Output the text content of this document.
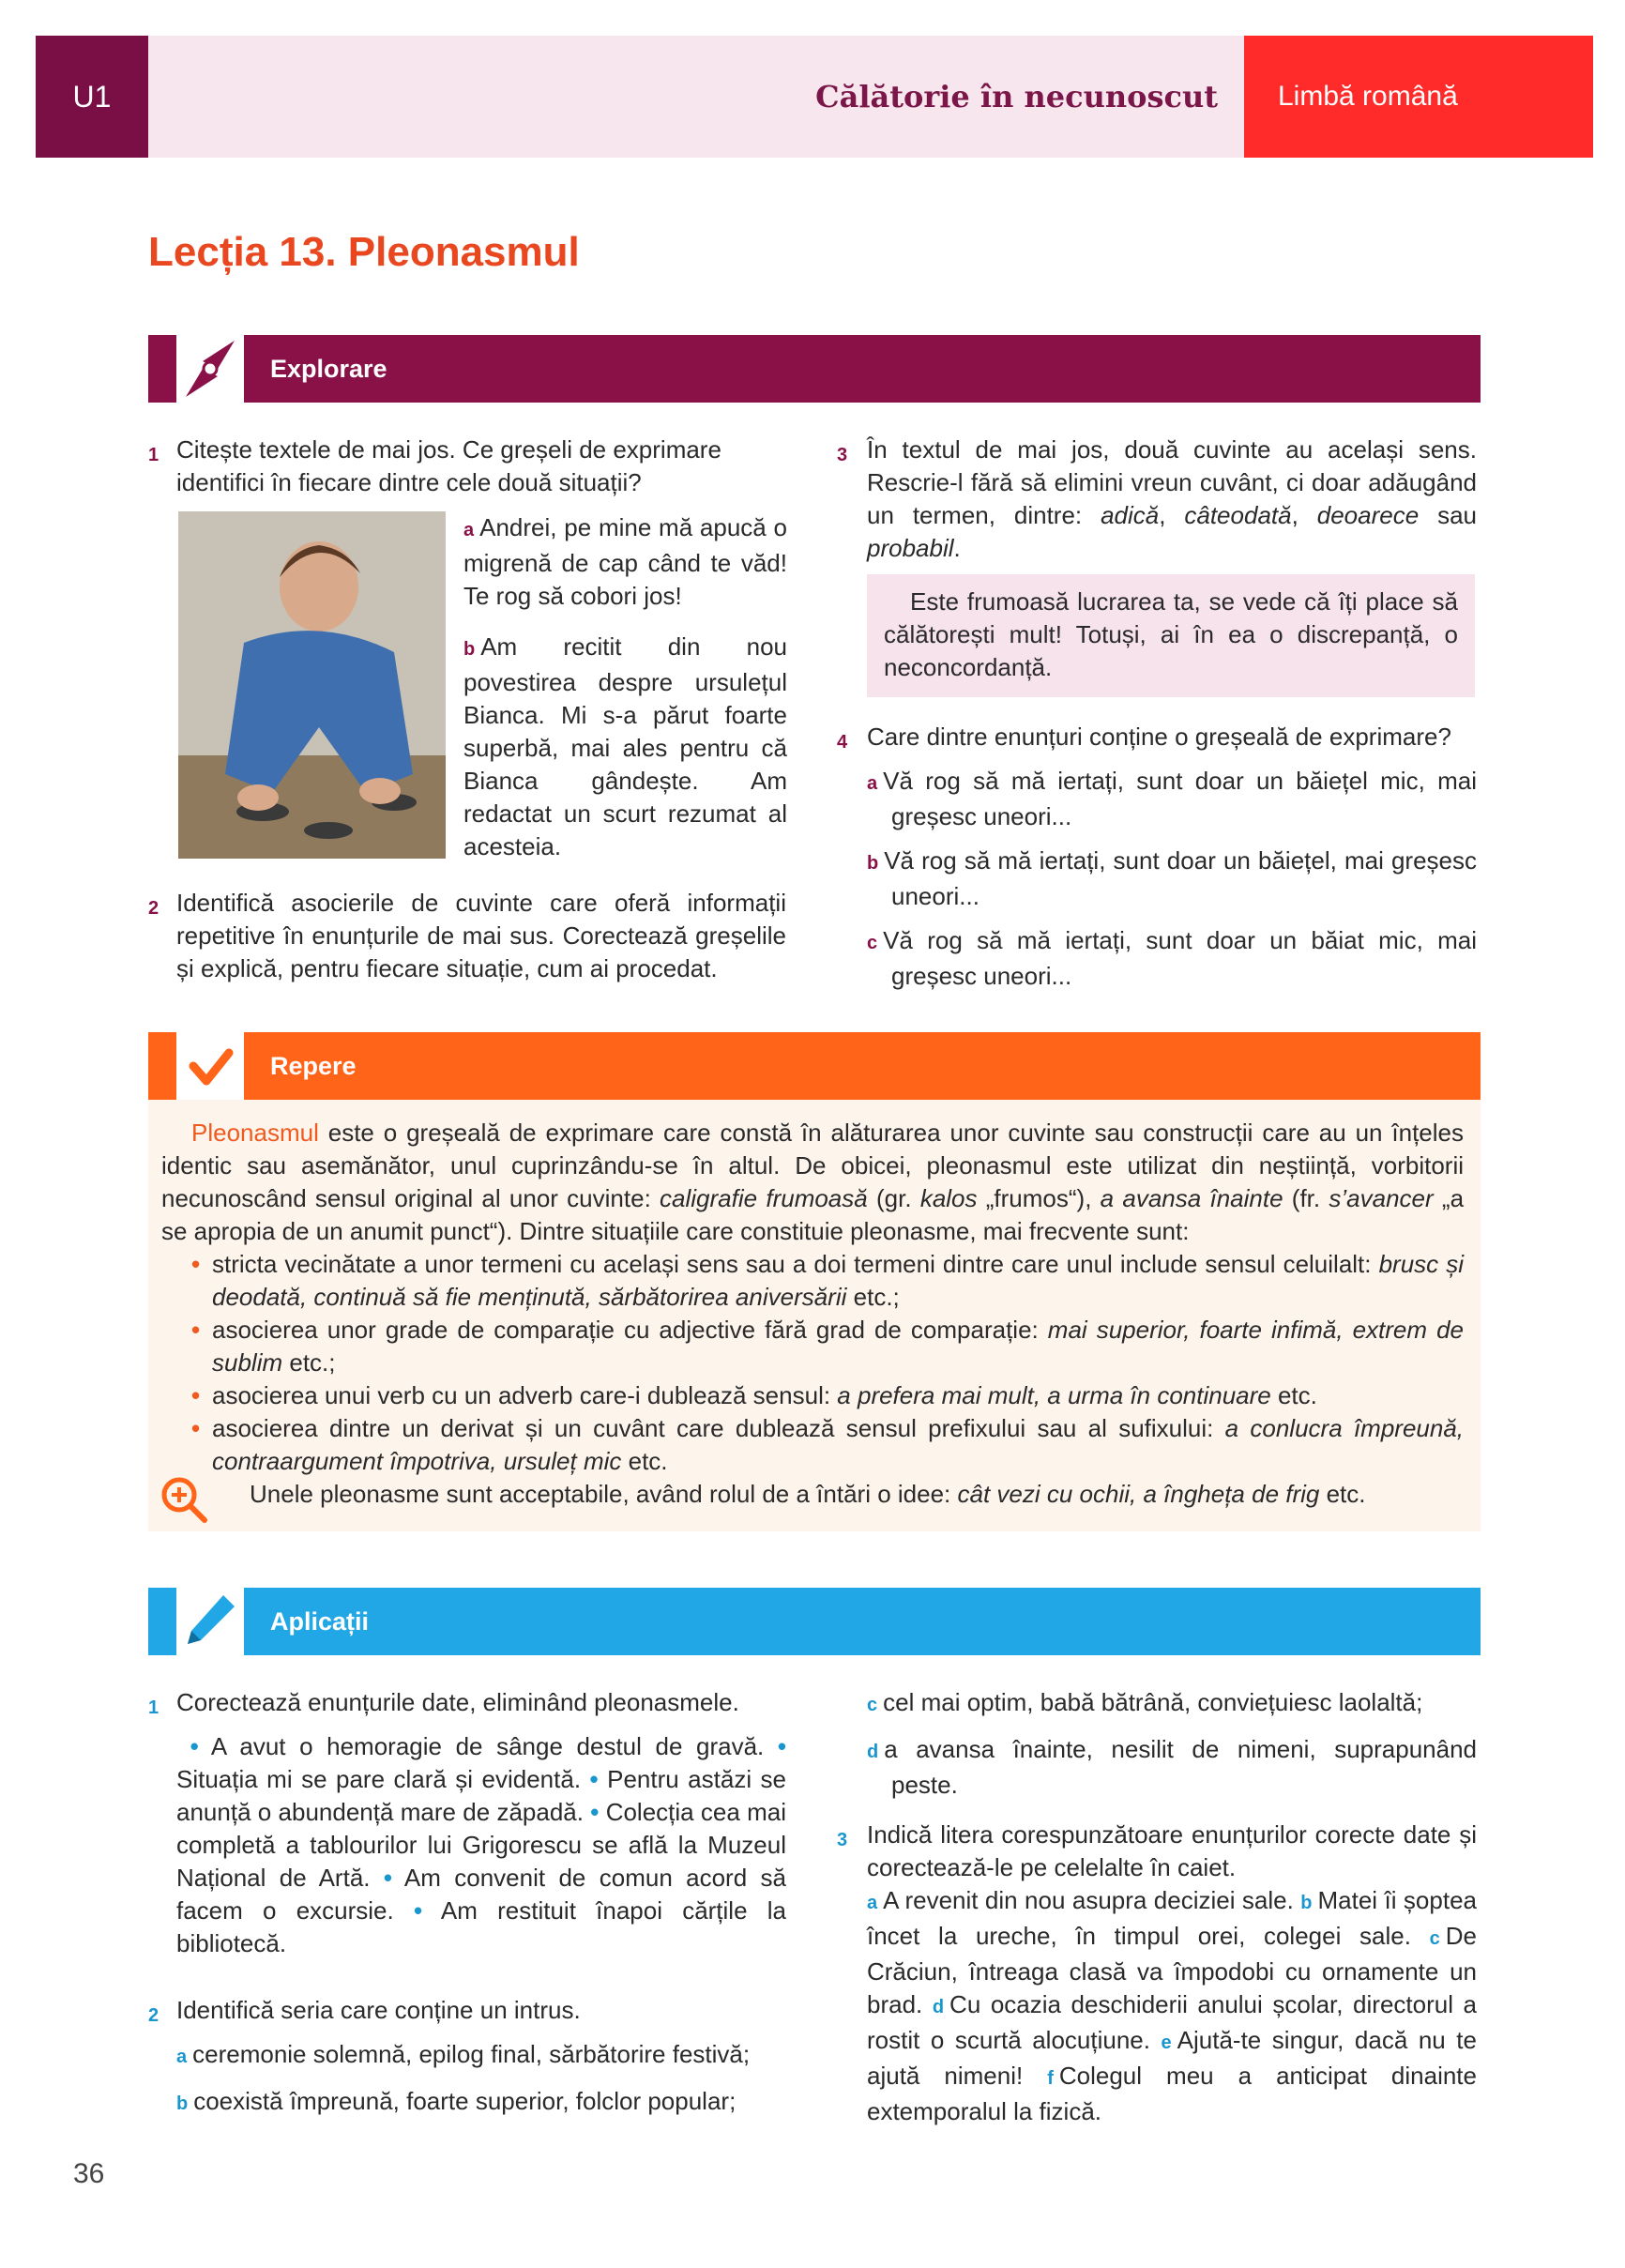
U1	Călătorie în necunoscut Limbă română
Lecția 13. Pleonasmul
Explorare
1 Citește textele de mai jos. Ce greșeli de exprimare identifici în fiecare dintre cele două situații?
a Andrei, pe mine mă apucă o migrenă de cap când te văd! Te rog să cobori jos!
b Am recitit din nou povestirea despre ursulețul Bianca. Mi s-a părut foarte superbă, mai ales pentru că Bianca gândește. Am redactat un scurt rezumat al acesteia.
2 Identifică asocierile de cuvinte care oferă informații repetitive în enunțurile de mai sus. Corectează greșelile și explică, pentru fiecare situație, cum ai procedat.
3 În textul de mai jos, două cuvinte au același sens. Rescrie-l fără să elimini vreun cuvânt, ci doar adăugând un termen, dintre: adică, câteodată, deoarece sau probabil.
Este frumoasă lucrarea ta, se vede că îți place să călătorești mult! Totuși, ai în ea o discrepanță, o neconcordanță.
4 Care dintre enunțuri conține o greșeală de exprimare?
a Vă rog să mă iertați, sunt doar un băiețel mic, mai greșesc uneori...
b Vă rog să mă iertați, sunt doar un băiețel, mai greșesc uneori...
c Vă rog să mă iertați, sunt doar un băiat mic, mai greșesc uneori...
Repere
Pleonasmul este o greșeală de exprimare care constă în alăturarea unor cuvinte sau construcții care au un înțeles identic sau asemănător, unul cuprinzându-se în altul. De obicei, pleonasmul este utilizat din neștiință, vorbitorii necunoscând sensul original al unor cuvinte: caligrafie frumoasă (gr. kalos „frumos“), a avansa înainte (fr. s’avancer „a se apropia de un anumit punct“). Dintre situațiile care constituie pleonasme, mai frecvente sunt:
• stricta vecinătate a unor termeni cu același sens sau a doi termeni dintre care unul include sensul celuilalt: brusc și deodată, continuă să fie menținută, sărbătorirea aniversării etc.;
• asocierea unor grade de comparație cu adjective fără grad de comparație: mai superior, foarte infimă, extrem de sublim etc.;
• asocierea unui verb cu un adverb care-i dublează sensul: a prefera mai mult, a urma în continuare etc.
• asocierea dintre un derivat și un cuvânt care dublează sensul prefixului sau al sufixului: a conlucra împreună, contraargument împotriva, ursuleț mic etc.
Unele pleonasme sunt acceptabile, având rolul de a întări o idee: cât vezi cu ochii, a îngheța de frig etc.
Aplicații
1 Corectează enunțurile date, eliminând pleonasmele.
• A avut o hemoragie de sânge destul de gravă. • Situația mi se pare clară și evidentă. • Pentru astăzi se anunță o abundență mare de zăpadă. • Colecția cea mai completă a tablourilor lui Grigorescu se află la Muzeul Național de Artă. • Am convenit de comun acord să facem o excursie. • Am restituit înapoi cărțile la bibliotecă.
2 Identifică seria care conține un intrus.
a ceremonie solemnă, epilog final, sărbătorire festivă;
b coexistă împreună, foarte superior, folclor popular;
c cel mai optim, babă bătrână, conviețuiesc laolaltă;
d a avansa înainte, nesilit de nimeni, suprapunând peste.
3 Indică litera corespunzătoare enunțurilor corecte date și corectează-le pe celelalte în caiet.
a A revenit din nou asupra deciziei sale. b Matei îi șoptea încet la ureche, în timpul orei, colegei sale. c De Crăciun, întreaga clasă va împodobi cu ornamente un brad. d Cu ocazia deschiderii anului școlar, directorul a rostit o scurtă alocuțiune. e Ajută-te singur, dacă nu te ajută nimeni! f Colegul meu a anticipat dinainte extemporalul la fizică.
36
